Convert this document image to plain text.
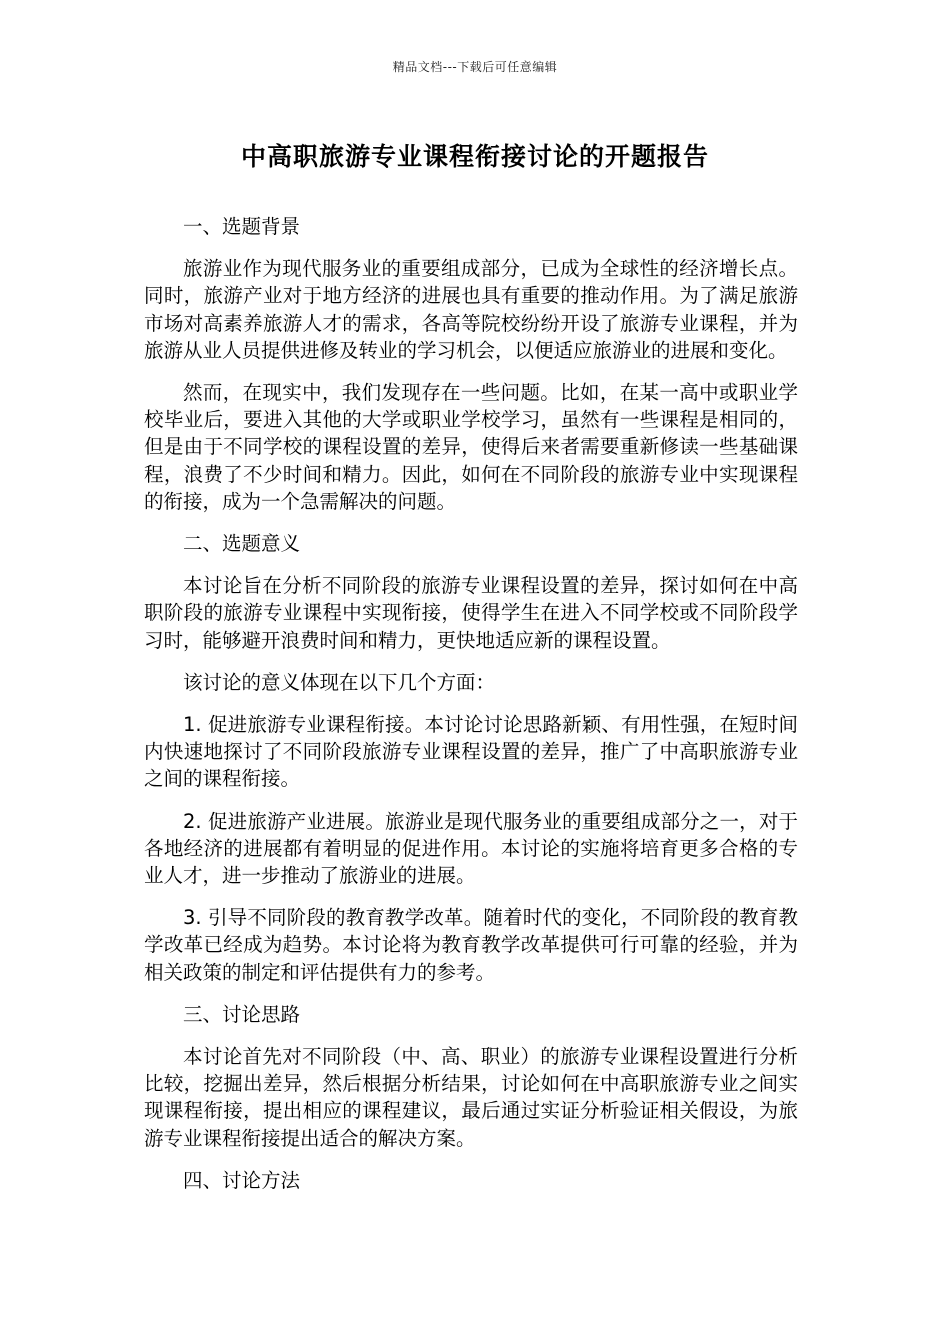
精品文档---下载后可任意编辑
中高职旅游专业课程衔接讨论的开题报告

一、选题背景

旅游业作为现代服务业的重要组成部分，已成为全球性的经济增长点。同时，旅游产业对于地方经济的进展也具有重要的推动作用。为了满足旅游市场对高素养旅游人才的需求，各高等院校纷纷开设了旅游专业课程，并为旅游从业人员提供进修及转业的学习机会，以便适应旅游业的进展和变化。

然而，在现实中，我们发现存在一些问题。比如，在某一高中或职业学校毕业后，要进入其他的大学或职业学校学习，虽然有一些课程是相同的，但是由于不同学校的课程设置的差异，使得后来者需要重新修读一些基础课程，浪费了不少时间和精力。因此，如何在不同阶段的旅游专业中实现课程的衔接，成为一个急需解决的问题。

二、选题意义

本讨论旨在分析不同阶段的旅游专业课程设置的差异，探讨如何在中高职阶段的旅游专业课程中实现衔接，使得学生在进入不同学校或不同阶段学习时，能够避开浪费时间和精力，更快地适应新的课程设置。

该讨论的意义体现在以下几个方面：

1. 促进旅游专业课程衔接。本讨论讨论思路新颖、有用性强，在短时间内快速地探讨了不同阶段旅游专业课程设置的差异，推广了中高职旅游专业之间的课程衔接。

2. 促进旅游产业进展。旅游业是现代服务业的重要组成部分之一，对于各地经济的进展都有着明显的促进作用。本讨论的实施将培育更多合格的专业人才，进一步推动了旅游业的进展。

3. 引导不同阶段的教育教学改革。随着时代的变化，不同阶段的教育教学改革已经成为趋势。本讨论将为教育教学改革提供可行可靠的经验，并为相关政策的制定和评估提供有力的参考。

三、讨论思路

本讨论首先对不同阶段（中、高、职业）的旅游专业课程设置进行分析比较，挖掘出差异，然后根据分析结果，讨论如何在中高职旅游专业之间实现课程衔接，提出相应的课程建议，最后通过实证分析验证相关假设，为旅游专业课程衔接提出适合的解决方案。

四、讨论方法
